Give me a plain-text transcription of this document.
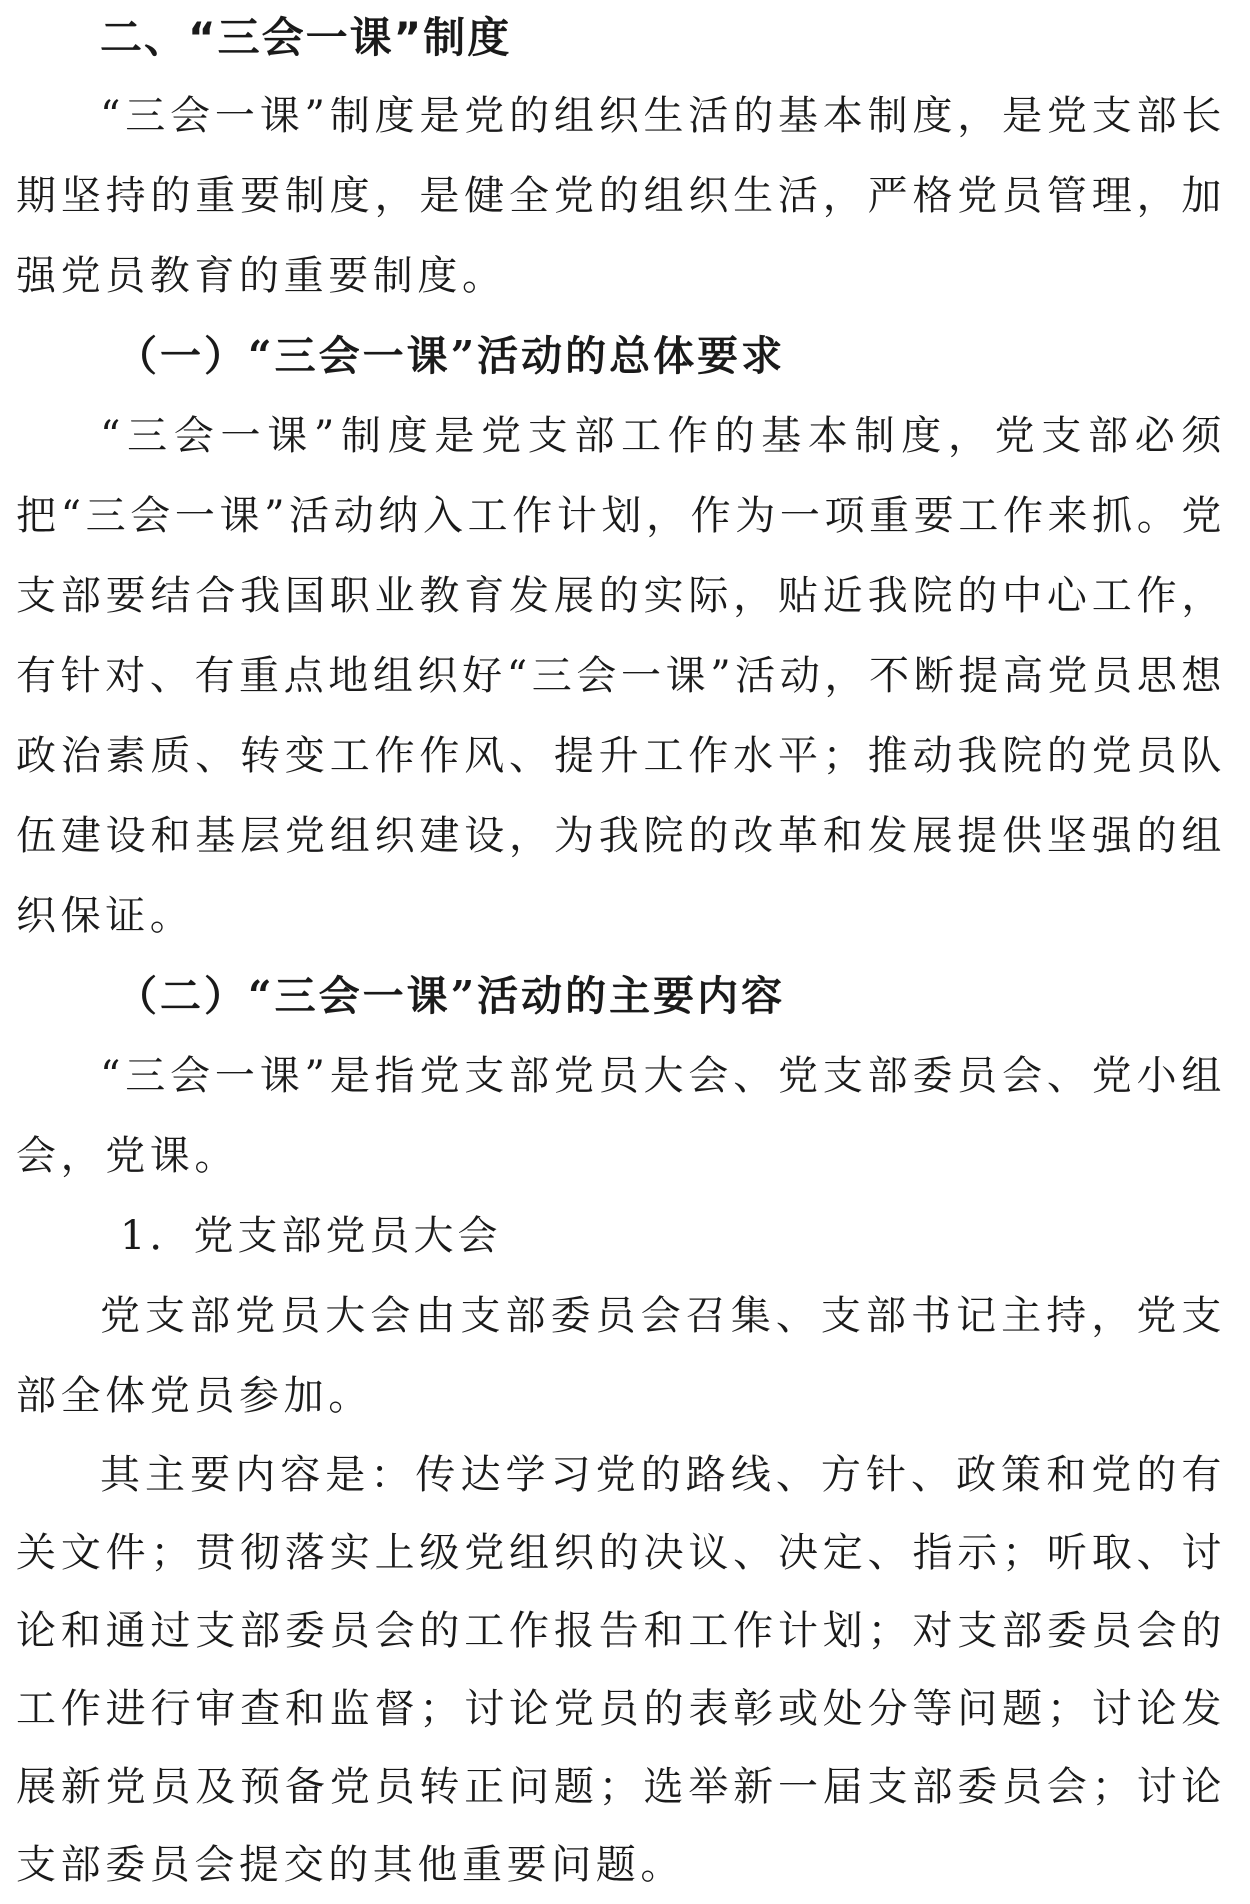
二、“三会一课”制度

“三会一课”制度是党的组织生活的基本制度，是党支部长期坚持的重要制度，是健全党的组织生活，严格党员管理，加强党员教育的重要制度。

（一）“三会一课”活动的总体要求

“三会一课”制度是党支部工作的基本制度，党支部必须把“三会一课”活动纳入工作计划，作为一项重要工作来抓。党支部要结合我国职业教育发展的实际，贴近我院的中心工作，有针对、有重点地组织好“三会一课”活动，不断提高党员思想政治素质、转变工作作风、提升工作水平；推动我院的党员队伍建设和基层党组织建设，为我院的改革和发展提供坚强的组织保证。

（二）“三会一课”活动的主要内容

“三会一课”是指党支部党员大会、党支部委员会、党小组会，党课。

1．党支部党员大会

党支部党员大会由支部委员会召集、支部书记主持，党支部全体党员参加。

其主要内容是：传达学习党的路线、方针、政策和党的有关文件；贯彻落实上级党组织的决议、决定、指示；听取、讨论和通过支部委员会的工作报告和工作计划；对支部委员会的工作进行审查和监督；讨论党员的表彰或处分等问题；讨论发展新党员及预备党员转正问题；选举新一届支部委员会；讨论支部委员会提交的其他重要问题。
